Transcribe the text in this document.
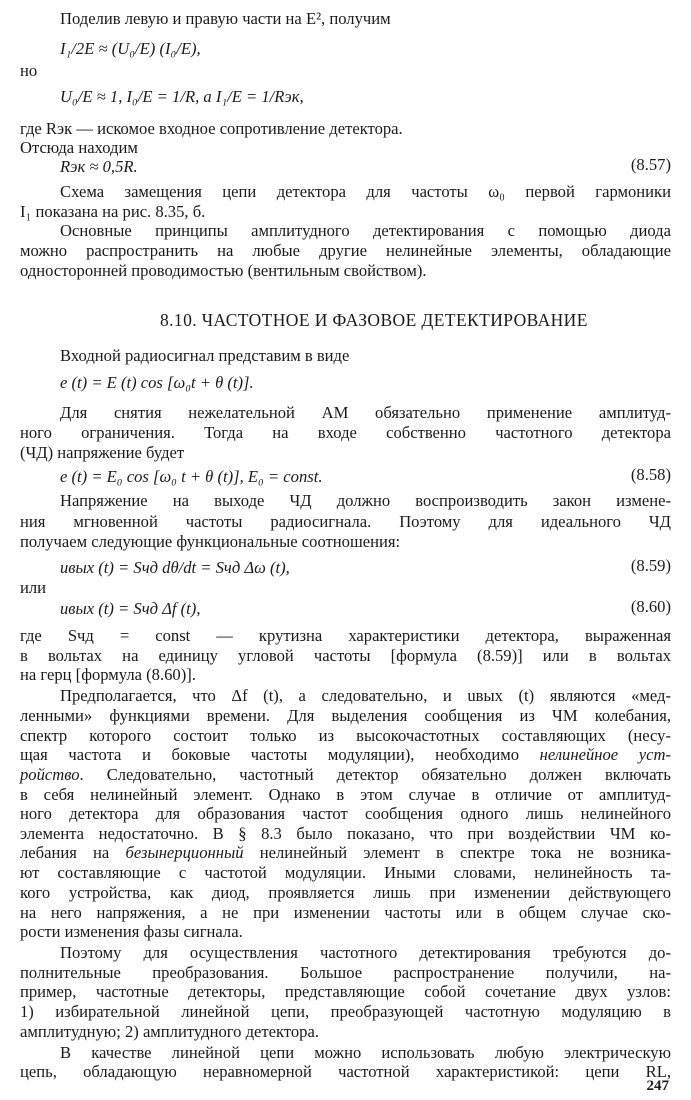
Поделив левую и правую части на E², получим
I₁/2E ≈ (U₀/E) (I₀/E),
но
U₀/E ≈ 1, I₀/E = 1/R, а I₁/E = 1/Rэк,
где Rэк — искомое входное сопротивление детектора.
Отсюда находим
Rэк ≈ 0,5R.	(8.57)
Схема замещения цепи детектора для частоты ω₀ первой гармоники
I₁ показана на рис. 8.35, б.
Основные принципы амплитудного детектирования с помощью диода
можно распространить на любые другие нелинейные элементы, обладающие
односторонней проводимостью (вентильным свойством).
8.10. ЧАСТОТНОЕ И ФАЗОВОЕ ДЕТЕКТИРОВАНИЕ
Входной радиосигнал представим в виде
e (t) = E (t) cos [ω₀t + θ (t)].
Для снятия нежелательной АМ обязательно применение амплитуд-
ного ограничения. Тогда на входе собственно частотного детектора
(ЧД) напряжение будет
e (t) = E₀ cos [ω₀ t + θ (t)], E₀ = const.	(8.58)
Напряжение на выходе ЧД должно воспроизводить закон измене-
ния мгновенной частоты радиосигнала. Поэтому для идеального ЧД
получаем следующие функциональные соотношения:
uвых (t) = Sчд dθ/dt = Sчд Δω (t),	(8.59)
или
uвых (t) = Sчд Δf (t),	(8.60)
где Sчд = const — крутизна характеристики детектора, выраженная
в вольтах на единицу угловой частоты [формула (8.59)] или в вольтах
на герц [формула (8.60)].
Предполагается, что Δf (t), а следовательно, и uвых (t) являются «мед-
ленными» функциями времени. Для выделения сообщения из ЧМ колебания,
спектр которого состоит только из высокочастотных составляющих (несу-
щая частота и боковые частоты модуляции), необходимо нелинейное уст-
ройство. Следовательно, частотный детектор обязательно должен включать
в себя нелинейный элемент. Однако в этом случае в отличие от амплитуд-
ного детектора для образования частот сообщения одного лишь нелинейного
элемента недостаточно. В § 8.3 было показано, что при воздействии ЧМ ко-
лебания на безынерционный нелинейный элемент в спектре тока не возника-
ют составляющие с частотой модуляции. Иными словами, нелинейность та-
кого устройства, как диод, проявляется лишь при изменении действующего
на него напряжения, а не при изменении частоты или в общем случае ско-
рости изменения фазы сигнала.
Поэтому для осуществления частотного детектирования требуются до-
полнительные преобразования. Большое распространение получили, на-
пример, частотные детекторы, представляющие собой сочетание двух узлов:
1) избирательной линейной цепи, преобразующей частотную модуляцию в
амплитудную; 2) амплитудного детектора.
В качестве линейной цепи можно использовать любую электрическую
цепь, обладающую неравномерной частотной характеристикой: цепи RL,
247
